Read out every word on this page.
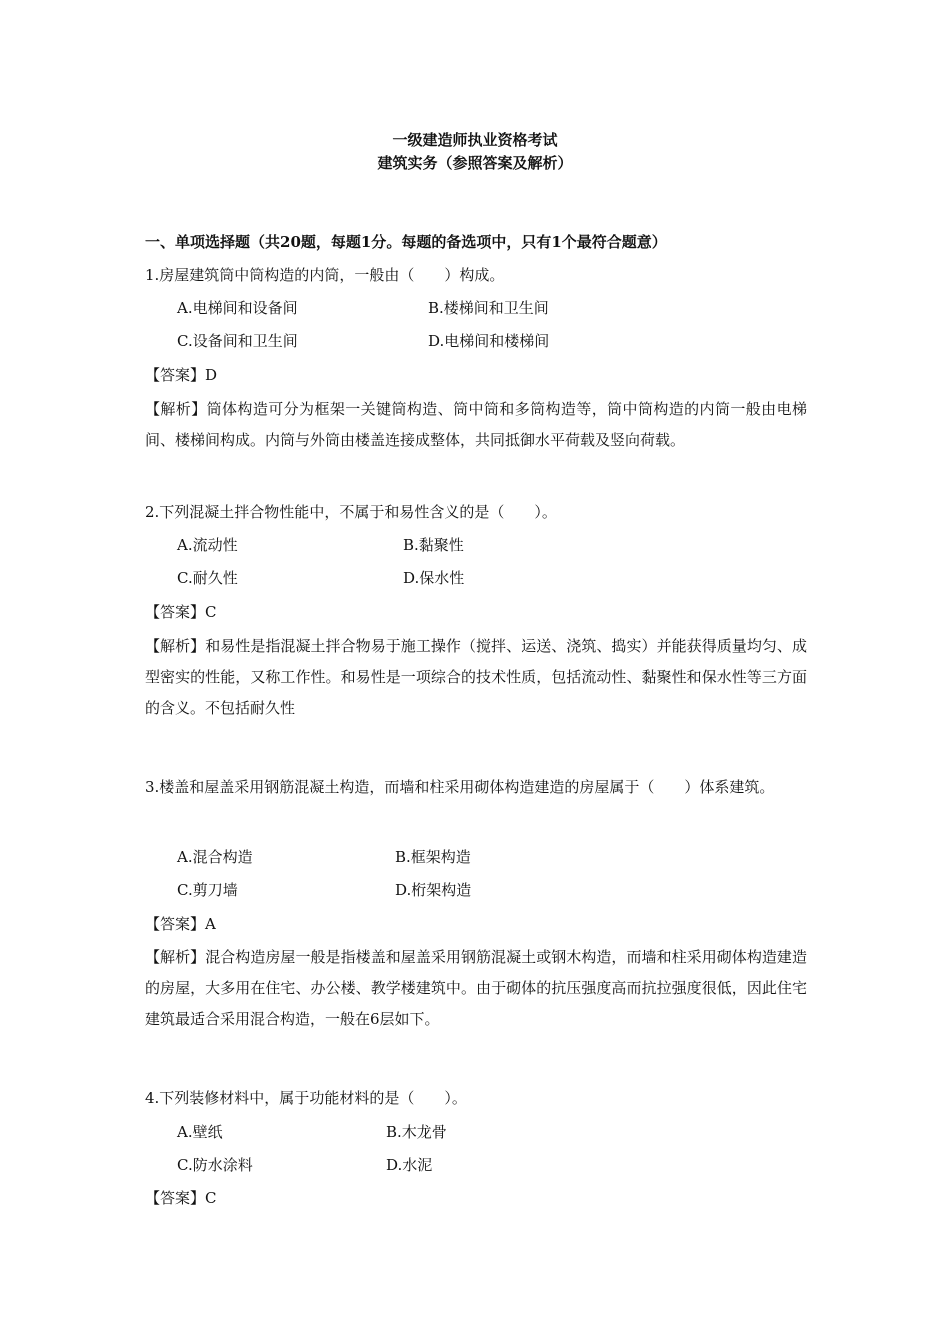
一级建造师执业资格考试
建筑实务（参照答案及解析）
一、单项选择题（共20题，每题1分。每题的备选项中，只有1个最符合题意）
1.房屋建筑筒中筒构造的内筒，一般由（　　）构成。
A.电梯间和设备间	B.楼梯间和卫生间
C.设备间和卫生间	D.电梯间和楼梯间
【答案】D
【解析】筒体构造可分为框架一关键筒构造、筒中筒和多筒构造等，筒中筒构造的内筒一般由电梯间、楼梯间构成。内筒与外筒由楼盖连接成整体，共同抵御水平荷载及竖向荷载。
2.下列混凝土拌合物性能中，不属于和易性含义的是（　　）。
A.流动性	B.黏聚性
C.耐久性	D.保水性
【答案】C
【解析】和易性是指混凝土拌合物易于施工操作（搅拌、运送、浇筑、捣实）并能获得质量均匀、成型密实的性能，又称工作性。和易性是一项综合的技术性质，包括流动性、黏聚性和保水性等三方面的含义。不包括耐久性
3.楼盖和屋盖采用钢筋混凝土构造，而墙和柱采用砌体构造建造的房屋属于（　　）体系建筑。
A.混合构造	B.框架构造
C.剪刀墙	D.桁架构造
【答案】A
【解析】混合构造房屋一般是指楼盖和屋盖采用钢筋混凝土或钢木构造，而墙和柱采用砌体构造建造的房屋，大多用在住宅、办公楼、教学楼建筑中。由于砌体的抗压强度高而抗拉强度很低，因此住宅建筑最适合采用混合构造，一般在6层如下。
4.下列装修材料中，属于功能材料的是（　　）。
A.壁纸	B.木龙骨
C.防水涂料	D.水泥
【答案】C
